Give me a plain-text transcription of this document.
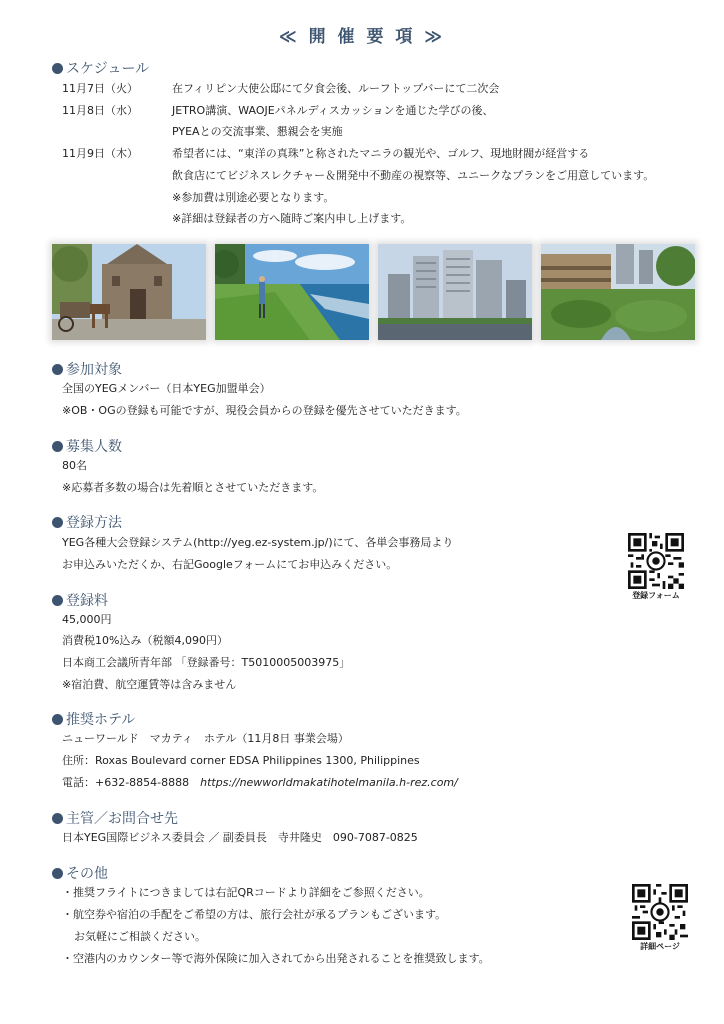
≪ 開 催 要 項 ≫
スケジュール
11月7日（火）	在フィリピン大使公邸にて夕食会後、ルーフトップバーにて二次会
11月8日（水）	JETRO講演、WAOJEパネルディスカッションを通じた学びの後、
PYEAとの交流事業、懇親会を実施
11月9日（木）	希望者には、“東洋の真珠”と称されたマニラの観光や、ゴルフ、現地財閥が経営する
飲食店にてビジネスレクチャー＆開発中不動産の視察等、ユニークなプランをご用意しています。
※参加費は別途必要となります。
※詳細は登録者の方へ随時ご案内申し上げます。
参加対象
全国のYEGメンバー（日本YEG加盟単会）
※OB・OGの登録も可能ですが、現役会員からの登録を優先させていただきます。
募集人数
80名
※応募者多数の場合は先着順とさせていただきます。
登録方法
YEG各種大会登録システム(http://yeg.ez-system.jp/)にて、各単会事務局より
お申込みいただくか、右記Googleフォームにてお申込みください。
登録フォーム
登録料
45,000円
消費税10%込み（税額4,090円）
日本商工会議所青年部 「登録番号：T5010005003975」
※宿泊費、航空運賃等は含みません
推奨ホテル
ニューワールド　マカティ　ホテル（11月8日 事業会場）
住所：Roxas Boulevard corner EDSA Philippines 1300, Philippines
電話：+632-8854-8888　https://newworldmakatihotelmanila.h-rez.com/
主管／お問合せ先
日本YEG国際ビジネス委員会 ／ 副委員長　寺井隆史　090-7087-0825
その他
・推奨フライトにつきましては右記QRコードより詳細をご参照ください。
・航空券や宿泊の手配をご希望の方は、旅行会社が承るプランもございます。
お気軽にご相談ください。
・空港内のカウンター等で海外保険に加入されてから出発されることを推奨致します。
詳細ページ
